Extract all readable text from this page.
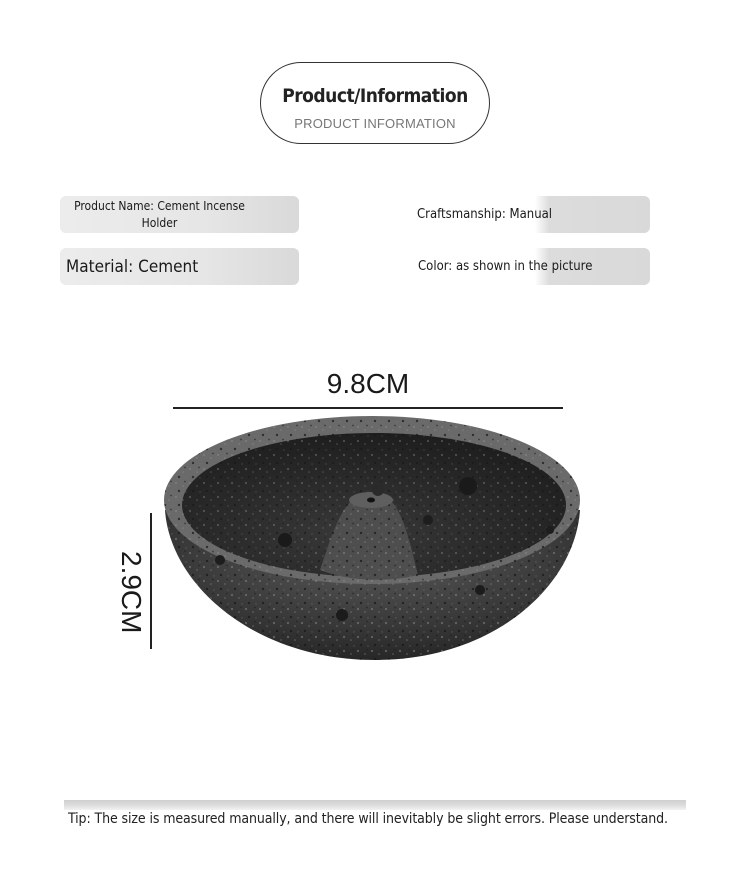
Product/Information
PRODUCT INFORMATION
Product Name: Cement Incense Holder
Craftsmanship: Manual
Material: Cement	Color: as shown in the picture
9.8CM
2.9CM
Tip: The size is measured manually, and there will inevitably be slight errors. Please understand.
